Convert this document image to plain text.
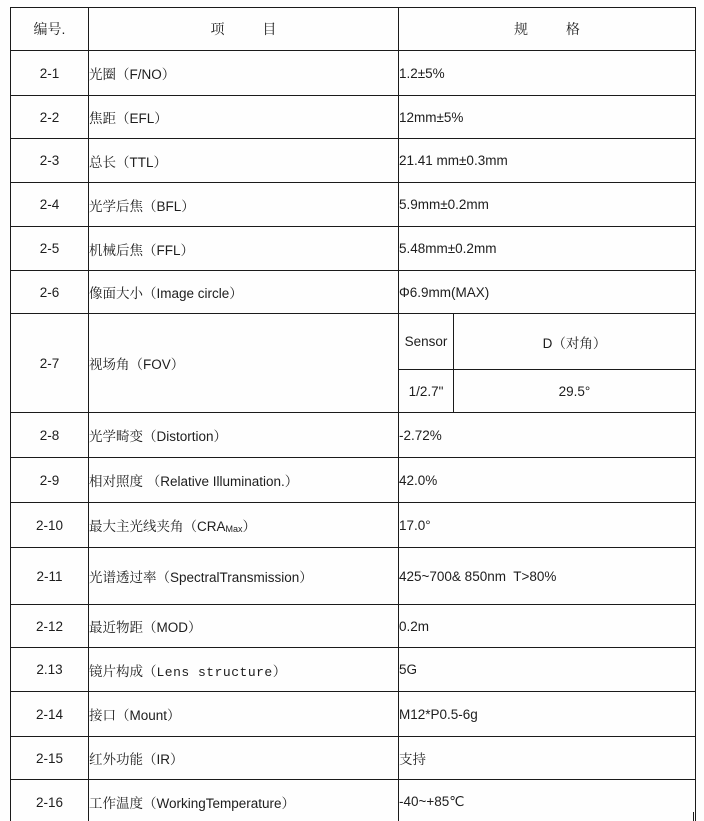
编号.	项 目	规 格		
2-1	光圈（F/NO）	1.2±5%		
2-2	焦距（EFL）	12mm±5%		
2-3	总长（TTL）	21.41 mm±0.3mm		
2-4	光学后焦（BFL）	5.9mm±0.2mm		
2-5	机械后焦（FFL）	5.48mm±0.2mm		
2-6	像面大小（Image circle）	Φ6.9mm(MAX)		
2-7	视场角（FOV）	Sensor	D（对角）		
		1/2.7"	29.5°		
2-8	光学畸变（Distortion）	-2.72%		
2-9	相对照度 （Relative Illumination.）	42.0%		
2-10	最大主光线夹角（CRAMax）	17.0°		
2-11	光谱透过率（SpectralTransmission）	425~700& 850nm  T>80%		
2-12	最近物距（MOD）	0.2m		
2.13	镜片构成（Lens structure）	5G		
2-14	接口（Mount）	M12*P0.5-6g		
2-15	红外功能（IR）	支持		
2-16	工作温度（WorkingTemperature）	-40~+85℃		
